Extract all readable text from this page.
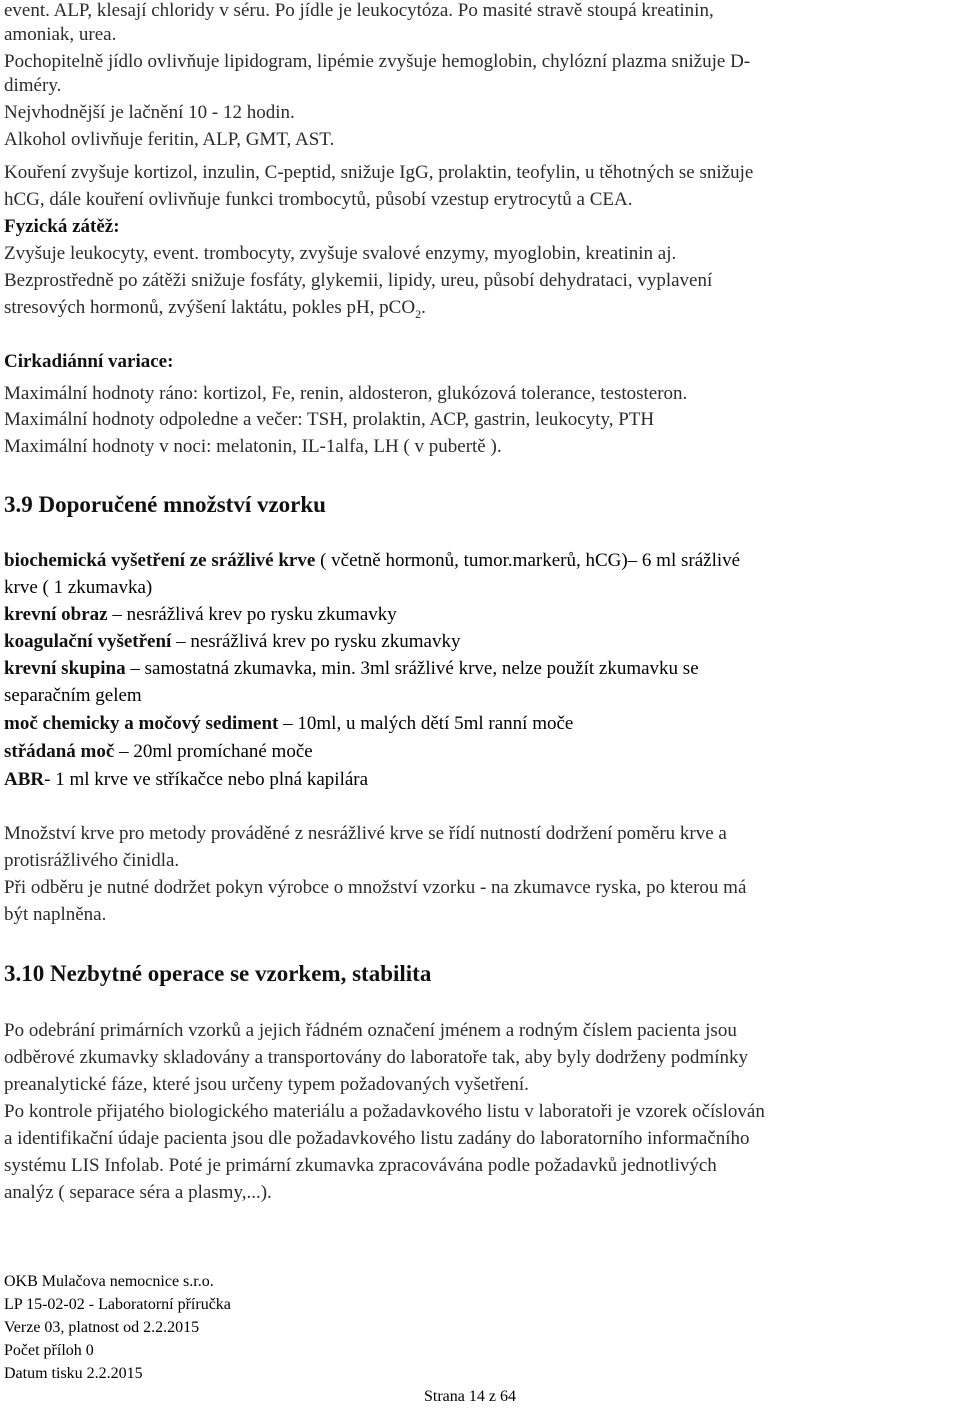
event. ALP, klesají chloridy v séru. Po jídle je leukocytóza. Po masité stravě stoupá kreatinin,
amoniak, urea.
Pochopitelně jídlo ovlivňuje lipidogram, lipémie zvyšuje hemoglobin, chylózní plazma snižuje D-
diméry.
Nejvhodnější je lačnění 10 - 12 hodin.
Alkohol ovlivňuje feritin, ALP, GMT, AST.
Kouření zvyšuje kortizol, inzulin, C-peptid, snižuje IgG, prolaktin, teofylin, u těhotných se snižuje
hCG, dále kouření ovlivňuje funkci trombocytů, působí vzestup erytrocytů a CEA.
Fyzická zátěž:
Zvyšuje leukocyty, event. trombocyty, zvyšuje svalové enzymy, myoglobin, kreatinin aj.
Bezprostředně po zátěži snižuje fosfáty, glykemii, lipidy, ureu, působí dehydrataci, vyplavení
stresových hormonů, zvýšení laktátu, pokles pH, pCO$_2$.
Cirkadiánní variace:
Maximální hodnoty ráno: kortizol, Fe, renin, aldosteron, glukózová tolerance, testosteron.
Maximální hodnoty odpoledne a večer: TSH, prolaktin, ACP, gastrin, leukocyty, PTH
Maximální hodnoty v noci: melatonin, IL-1alfa, LH ( v pubertě ).
3.9 Doporučené množství vzorku
biochemická vyšetření ze srážlivé krve ( včetně hormonů, tumor.markerů, hCG)– 6 ml srážlivé
krve ( 1 zkumavka)
krevní obraz – nesrážlivá krev po rysku zkumavky
koagulační vyšetření – nesrážlivá krev po rysku zkumavky
krevní skupina – samostatná zkumavka, min. 3ml srážlivé krve, nelze použít zkumavku se
separačním gelem
moč chemicky a močový sediment – 10ml, u malých dětí 5ml ranní moče
střádaná moč – 20ml promíchané moče
ABR- 1 ml krve ve stříkačce nebo plná kapilára
Množství krve pro metody prováděné z nesrážlivé krve se řídí nutností dodržení poměru krve a
protisrážlivého činidla.
Při odběru je nutné dodržet pokyn výrobce o množství vzorku - na zkumavce ryska, po kterou má
být naplněna.
3.10 Nezbytné operace se vzorkem, stabilita
Po odebrání primárních vzorků a jejich řádném označení jménem a rodným číslem pacienta jsou
odběrové zkumavky skladovány a transportovány do laboratoře tak, aby byly dodrženy podmínky
preanalytické fáze, které jsou určeny typem požadovaných vyšetření.
Po kontrole přijatého biologického materiálu a požadavkového listu v laboratoři je vzorek očíslován
a identifikační údaje pacienta jsou dle požadavkového listu zadány do laboratorního informačního
systému LIS Infolab. Poté je primární zkumavka zpracovávána podle požadavků jednotlivých
analýz ( separace séra a plasmy,...).
OKB Mulačova nemocnice s.r.o.
LP 15-02-02 - Laboratorní příručka
Verze 03, platnost od 2.2.2015
Počet příloh 0
Datum tisku 2.2.2015
Strana 14 z 64
